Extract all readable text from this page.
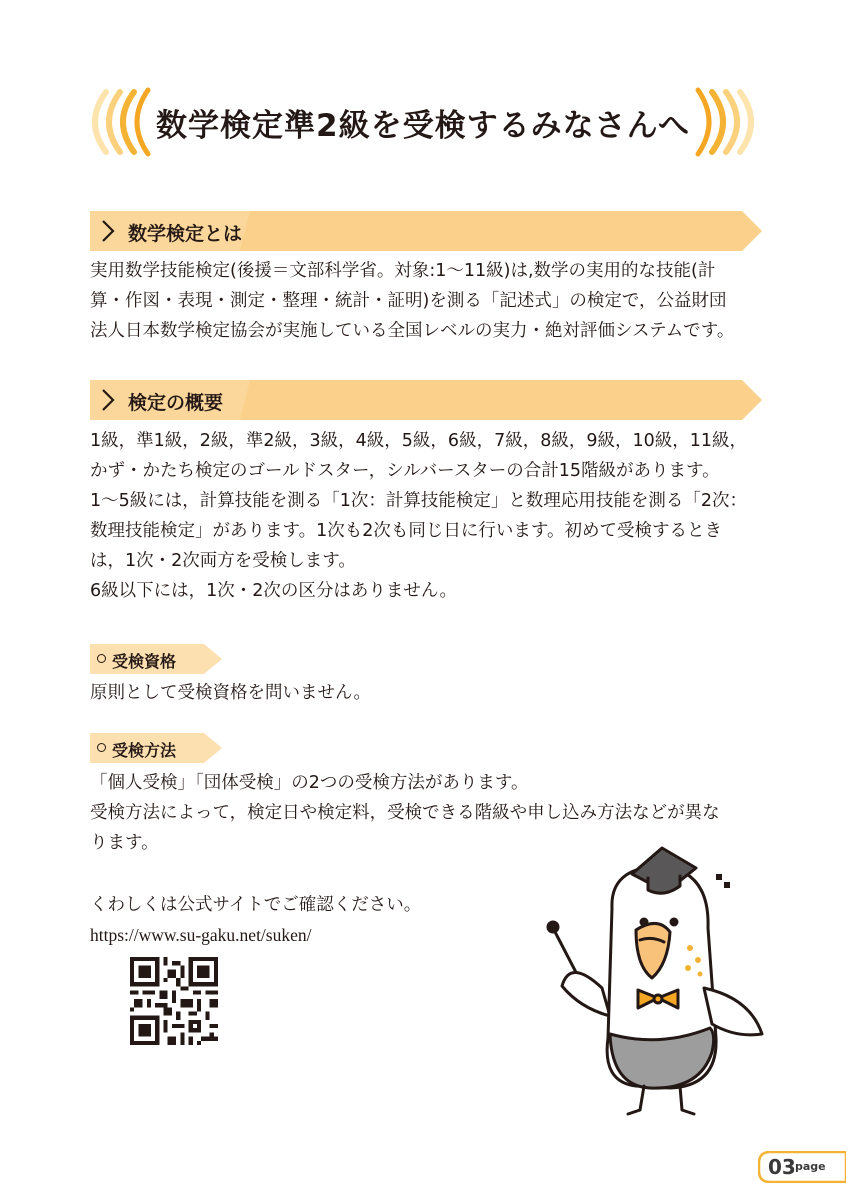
数学検定準2級を受検するみなさんへ
数学検定とは

実用数学技能検定(後援＝文部科学省。対象:1～11級)は,数学の実用的な技能(計

算・作図・表現・測定・整理・統計・証明)を測る「記述式」の検定で，公益財団

法人日本数学検定協会が実施している全国レベルの実力・絶対評価システムです。

検定の概要

1級，準1級，2級，準2級，3級，4級，5級，6級，7級，8級，9級，10級，11級，

かず・かたち検定のゴールドスター，シルバースターの合計15階級があります。

1～5級には，計算技能を測る「1次：計算技能検定」と数理応用技能を測る「2次：

数理技能検定」があります。1次も2次も同じ日に行います。初めて受検するとき

は，1次・2次両方を受検します。

6級以下には，1次・2次の区分はありません。

受検資格

原則として受検資格を問いません。

受検方法

「個人受検」「団体受検」の2つの受検方法があります。

受検方法によって，検定日や検定料，受検できる階級や申し込み方法などが異な

ります。

くわしくは公式サイトでご確認ください。

https://www.su-gaku.net/suken/

03 page
